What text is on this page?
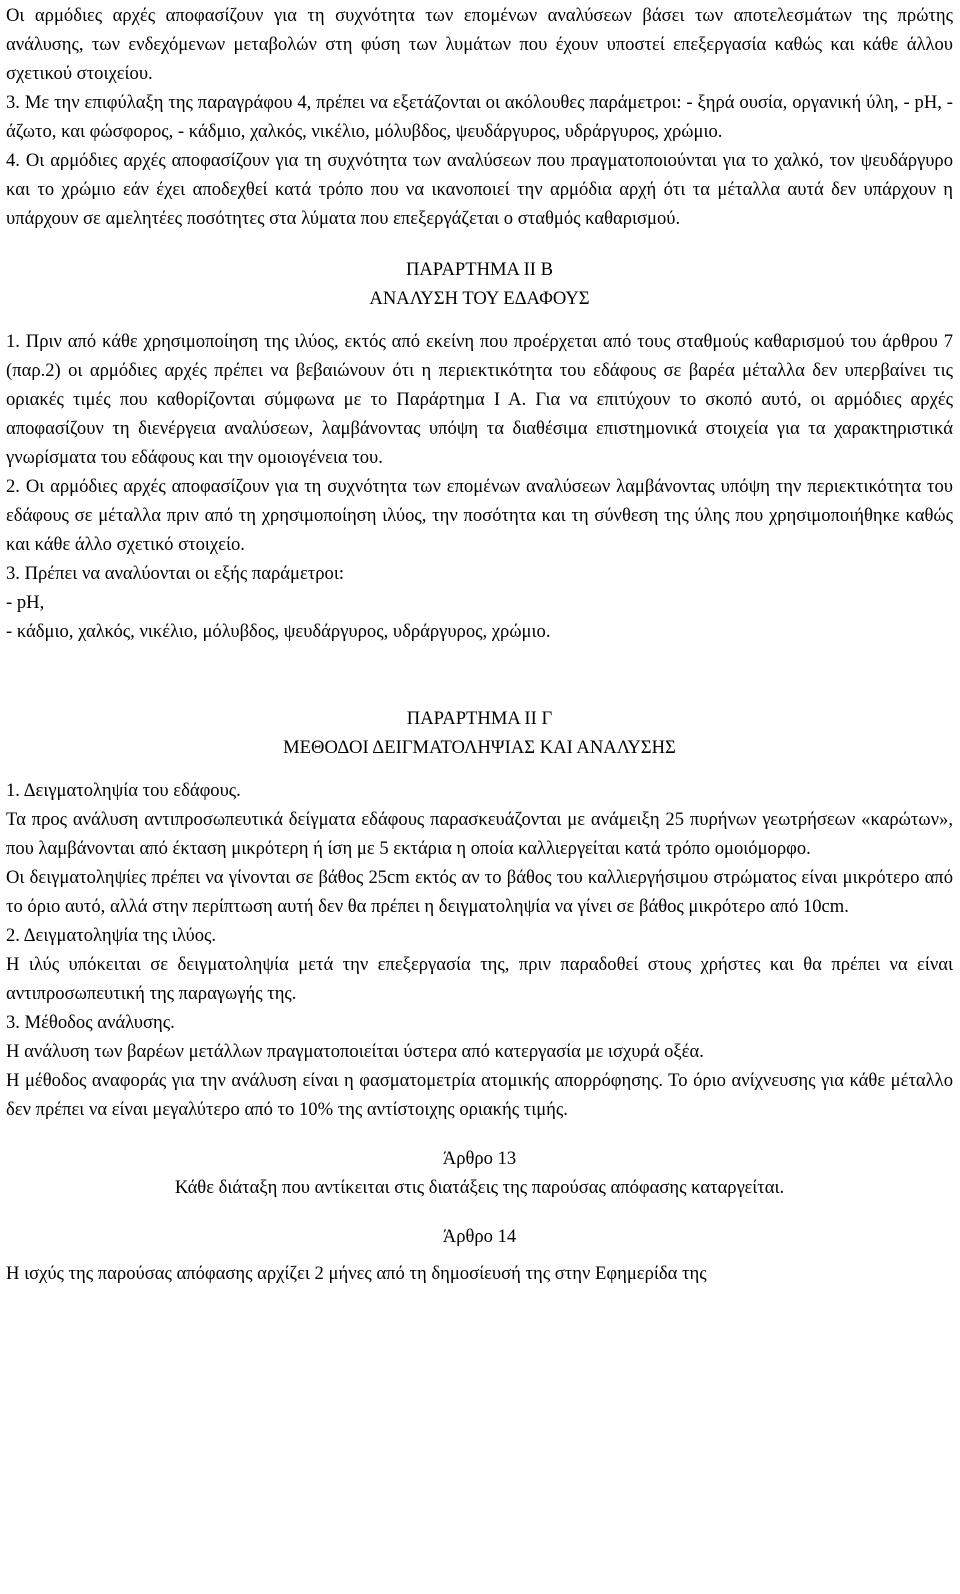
Οι αρμόδιες αρχές αποφασίζουν για τη συχνότητα των επομένων αναλύσεων βάσει των αποτελεσμάτων της πρώτης ανάλυσης, των ενδεχόμενων μεταβολών στη φύση των λυμάτων που έχουν υποστεί επεξεργασία καθώς και κάθε άλλου σχετικού στοιχείου.

3. Με την επιφύλαξη της παραγράφου 4, πρέπει να εξετάζονται οι ακόλουθες παράμετροι: - ξηρά ουσία, οργανική ύλη, - pH, - άζωτο, και φώσφορος, - κάδμιο, χαλκός, νικέλιο, μόλυβδος, ψευδάργυρος, υδράργυρος, χρώμιο.

4. Οι αρμόδιες αρχές αποφασίζουν για τη συχνότητα των αναλύσεων που πραγματοποιούνται για το χαλκό, τον ψευδάργυρο και το χρώμιο εάν έχει αποδεχθεί κατά τρόπο που να ικανοποιεί την αρμόδια αρχή ότι τα μέταλλα αυτά δεν υπάρχουν η υπάρχουν σε αμελητέες ποσότητες στα λύματα που επεξεργάζεται ο σταθμός καθαρισμού.

ΠΑΡΑΡΤΗΜΑ ΙΙ Β

ΑΝΑΛΥΣΗ ΤΟΥ ΕΔΑΦΟΥΣ

1. Πριν από κάθε χρησιμοποίηση της ιλύος, εκτός από εκείνη που προέρχεται από τους σταθμούς καθαρισμού του άρθρου 7 (παρ.2) οι αρμόδιες αρχές πρέπει να βεβαιώνουν ότι η περιεκτικότητα του εδάφους σε βαρέα μέταλλα δεν υπερβαίνει τις οριακές τιμές που καθορίζονται σύμφωνα με το Παράρτημα Ι Α. Για να επιτύχουν το σκοπό αυτό, οι αρμόδιες αρχές αποφασίζουν τη διενέργεια αναλύσεων, λαμβάνοντας υπόψη τα διαθέσιμα επιστημονικά στοιχεία για τα χαρακτηριστικά γνωρίσματα του εδάφους και την ομοιογένεια του.

2. Οι αρμόδιες αρχές αποφασίζουν για τη συχνότητα των επομένων αναλύσεων λαμβάνοντας υπόψη την περιεκτικότητα του εδάφους σε μέταλλα πριν από τη χρησιμοποίηση ιλύος, την ποσότητα και τη σύνθεση της ύλης που χρησιμοποιήθηκε καθώς και κάθε άλλο σχετικό στοιχείο.

3. Πρέπει να αναλύονται οι εξής παράμετροι:

- pH,

- κάδμιο, χαλκός, νικέλιο, μόλυβδος, ψευδάργυρος, υδράργυρος, χρώμιο.

ΠΑΡΑΡΤΗΜΑ ΙΙ Γ

ΜΕΘΟΔΟΙ ΔΕΙΓΜΑΤΟΛΗΨΙΑΣ ΚΑΙ ΑΝΑΛΥΣΗΣ

1. Δειγματοληψία του εδάφους.

Τα προς ανάλυση αντιπροσωπευτικά δείγματα εδάφους παρασκευάζονται με ανάμειξη 25 πυρήνων γεωτρήσεων «καρώτων», που λαμβάνονται από έκταση μικρότερη ή ίση με 5 εκτάρια η οποία καλλιεργείται κατά τρόπο ομοιόμορφο.

Οι δειγματοληψίες πρέπει να γίνονται σε βάθος 25cm εκτός αν το βάθος του καλλιεργήσιμου στρώματος είναι μικρότερο από το όριο αυτό, αλλά στην περίπτωση αυτή δεν θα πρέπει η δειγματοληψία να γίνει σε βάθος μικρότερο από 10cm.

2. Δειγματοληψία της ιλύος.

Η ιλύς υπόκειται σε δειγματοληψία μετά την επεξεργασία της, πριν παραδοθεί στους χρήστες και θα πρέπει να είναι αντιπροσωπευτική της παραγωγής της.

3. Μέθοδος ανάλυσης.

Η ανάλυση των βαρέων μετάλλων πραγματοποιείται ύστερα από κατεργασία με ισχυρά οξέα.

Η μέθοδος αναφοράς για την ανάλυση είναι η φασματομετρία ατομικής απορρόφησης. Το όριο ανίχνευσης για κάθε μέταλλο δεν πρέπει να είναι μεγαλύτερο από το 10% της αντίστοιχης οριακής τιμής.

Άρθρο 13

Κάθε διάταξη που αντίκειται στις διατάξεις της παρούσας απόφασης καταργείται.

Άρθρο 14

Η ισχύς της παρούσας απόφασης αρχίζει 2 μήνες από τη δημοσίευσή της στην Εφημερίδα της
